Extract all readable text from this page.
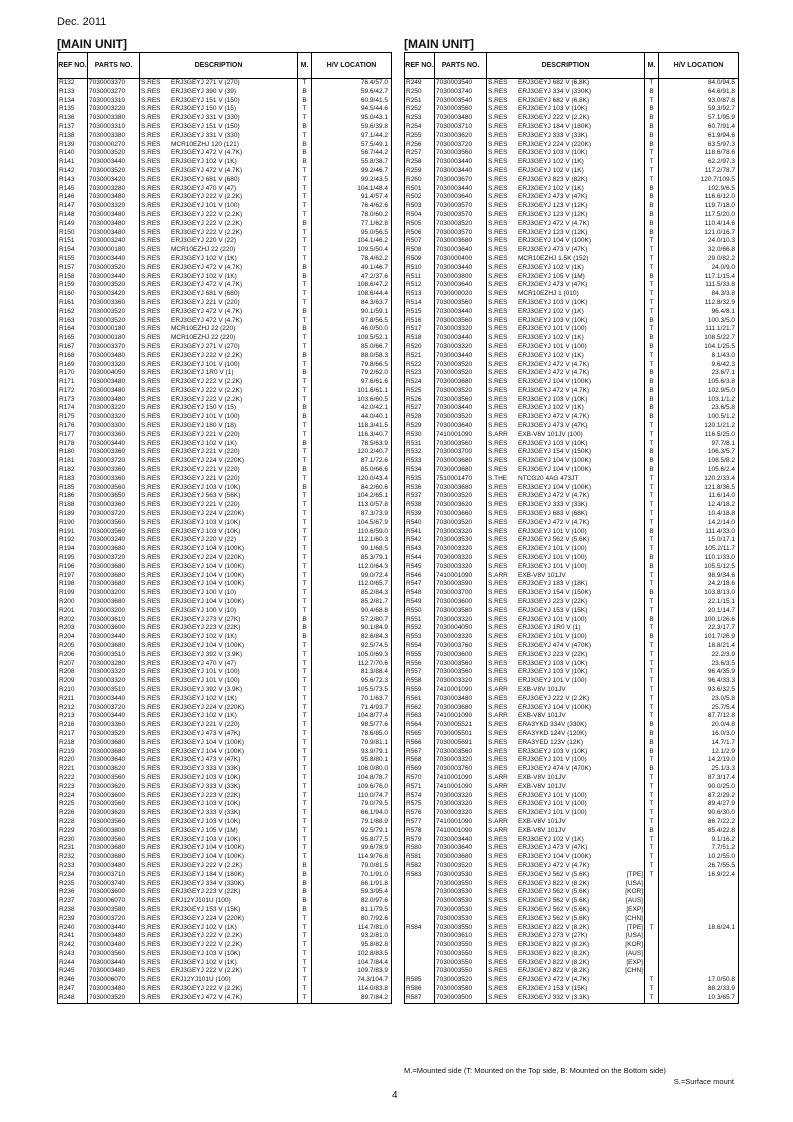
Dec. 2011
[MAIN UNIT]
REF NO.	PARTS NO.	DESCRIPTION	M.	H/V LOCATION
R132	7030003370	S.RES ERJ3GEYJ 271 V (270)	T	76.4/57.0
R133	7030003270	S.RES ERJ3GEYJ 390 V (39)	B	59.6/42.7
R134	7030003310	S.RES ERJ3GEYJ 151 V (150)	B	60.9/41.5
R135	7030003220	S.RES ERJ3GEYJ 150 V (15)	T	94.5/44.6
R136	7030003380	S.RES ERJ3GEYJ 331 V (330)	T	95.0/43.1
R137	7030003310	S.RES ERJ3GEYJ 151 V (150)	B	59.6/39.8
R138	7030003380	S.RES ERJ3GEYJ 331 V (330)	T	97.1/44.2
R139	7030000270	S.RES MCR10EZHJ 120 (121)	B	57.5/49.1
R140	7030003520	S.RES ERJ3GEYJ 472 V (4.7K)	B	56.7/44.2
R141	7030003440	S.RES ERJ3GEYJ 102 V (1K)	B	55.8/38.7
R142	7030003520	S.RES ERJ3GEYJ 472 V (4.7K)	T	99.2/46.7
R143	7030003420	S.RES ERJ3GEYJ 681 V (680)	T	99.2/43.5
R145	7030003280	S.RES ERJ3GEYJ 470 V (47)	T	104.1/48.4
R146	7030003480	S.RES ERJ3GEYJ 222 V (2.2K)	T	91.4/57.4
R147	7030003320	S.RES ERJ3GEYJ 101 V (100)	T	76.4/62.6
R148	7030003480	S.RES ERJ3GEYJ 222 V (2.2K)	T	78.0/60.2
R149	7030003480	S.RES ERJ3GEYJ 222 V (2.2K)	B	77.1/62.8
R150	7030003480	S.RES ERJ3GEYJ 222 V (2.2K)	T	95.0/56.5
R151	7030003240	S.RES ERJ3GEYJ 220 V (22)	T	104.1/46.2
R154	7030000180	S.RES MCR10EZHJ 22 (220)	T	109.5/50.4
R155	7030003440	S.RES ERJ3GEYJ 102 V (1K)	T	78.4/62.2
R157	7030003520	S.RES ERJ3GEYJ 472 V (4.7K)	B	49.1/46.7
R158	7030003440	S.RES ERJ3GEYJ 102 V (1K)	B	47.2/37.6
R159	7030003520	S.RES ERJ3GEYJ 472 V (4.7K)	T	108.6/47.2
R160	7030003420	S.RES ERJ3GEYJ 681 V (680)	T	108.6/44.4
R161	7030003360	S.RES ERJ3GEYJ 221 V (220)	T	84.3/63.7
R162	7030003520	S.RES ERJ3GEYJ 472 V (4.7K)	B	90.1/59.1
R163	7030003520	S.RES ERJ3GEYJ 472 V (4.7K)	T	97.8/56.5
R164	7030000180	S.RES MCR10EZHJ 22 (220)	B	46.0/50.0
R165	7030000180	S.RES MCR10EZHJ 22 (220)	T	109.5/52.1
R167	7030003370	S.RES ERJ3GEYJ 271 V (270)	T	85.0/66.7
R168	7030003480	S.RES ERJ3GEYJ 222 V (2.2K)	B	88.0/58.3
R169	7030003320	S.RES ERJ3GEYJ 101 V (100)	T	79.8/66.5
R170	7030004050	S.RES ERJ3GEYJ 1R0 V (1)	B	79.2/62.0
R171	7030003480	S.RES ERJ3GEYJ 222 V (2.2K)	T	97.6/61.6
R172	7030003480	S.RES ERJ3GEYJ 222 V (2.2K)	T	101.6/61.1
R173	7030003480	S.RES ERJ3GEYJ 222 V (2.2K)	T	103.6/60.5
R174	7030003220	S.RES ERJ3GEYJ 150 V (15)	B	42.0/42.1
R175	7030003320	S.RES ERJ3GEYJ 101 V (100)	B	44.0/40.1
R176	7030003300	S.RES ERJ3GEYJ 180 V (18)	T	118.3/41.5
R177	7030003360	S.RES ERJ3GEYJ 221 V (220)	T	116.3/40.7
R178	7030003440	S.RES ERJ3GEYJ 102 V (1K)	B	78.5/63.9
R180	7030003360	S.RES ERJ3GEYJ 221 V (220)	T	120.2/40.7
R181	7030003720	S.RES ERJ3GEYJ 224 V (220K)	T	87.1/72.6
R182	7030003360	S.RES ERJ3GEYJ 221 V (220)	B	85.0/66.6
R183	7030003360	S.RES ERJ3GEYJ 221 V (220)	T	120.0/43.4
R185	7030003560	S.RES ERJ3GEYJ 103 V (10K)	B	84.2/60.6
R186	7030003650	S.RES ERJ3GEYJ 563 V (56K)	T	104.2/65.1
R188	7030003360	S.RES ERJ3GEYJ 221 V (220)	T	113.0/57.8
R189	7030003720	S.RES ERJ3GEYJ 224 V (220K)	T	87.3/73.9
R190	7030003560	S.RES ERJ3GEYJ 103 V (10K)	T	104.5/67.9
R191	7030003560	S.RES ERJ3GEYJ 103 V (10K)	T	110.6/59.0
R192	7030003240	S.RES ERJ3GEYJ 220 V (22)	T	112.1/60.3
R194	7030003680	S.RES ERJ3GEYJ 104 V (100K)	T	99.1/68.5
R195	7030003720	S.RES ERJ3GEYJ 224 V (220K)	T	85.3/79.1
R196	7030003680	S.RES ERJ3GEYJ 104 V (100K)	T	112.0/64.3
R197	7030003680	S.RES ERJ3GEYJ 104 V (100K)	T	99.0/72.4
R198	7030003680	S.RES ERJ3GEYJ 104 V (100K)	T	112.0/65.7
R199	7030003200	S.RES ERJ3GEYJ 100 V (10)	T	85.2/84.3
R200	7030003680	S.RES ERJ3GEYJ 104 V (100K)	T	85.2/81.7
R201	7030003200	S.RES ERJ3GEYJ 100 V (10)	T	90.4/68.8
R202	7030003610	S.RES ERJ3GEYJ 273 V (27K)	B	57.2/80.7
R203	7030003600	S.RES ERJ3GEYJ 223 V (22K)	B	90.1/84.9
R204	7030003440	S.RES ERJ3GEYJ 102 V (1K)	B	82.6/84.3
R205	7030003680	S.RES ERJ3GEYJ 104 V (100K)	T	92.5/74.5
R206	7030003510	S.RES ERJ3GEYJ 392 V (3.9K)	T	105.0/69.3
R207	7030003280	S.RES ERJ3GEYJ 470 V (47)	T	112.7/70.6
R208	7030003320	S.RES ERJ3GEYJ 101 V (100)	T	81.3/88.4
R209	7030003320	S.RES ERJ3GEYJ 101 V (100)	T	95.6/72.3
R210	7030003510	S.RES ERJ3GEYJ 392 V (3.9K)	T	105.5/73.5
R211	7030003440	S.RES ERJ3GEYJ 102 V (1K)	T	70.1/63.7
R212	7030003720	S.RES ERJ3GEYJ 224 V (220K)	T	71.4/93.7
R213	7030003440	S.RES ERJ3GEYJ 102 V (1K)	T	104.8/77.4
R216	7030003360	S.RES ERJ3GEYJ 221 V (220)	T	98.5/77.6
R217	7030003520	S.RES ERJ3GEYJ 473 V (47K)	T	78.6/85.0
R218	7030003680	S.RES ERJ3GEYJ 104 V (100K)	T	79.9/81.1
R219	7030003680	S.RES ERJ3GEYJ 104 V (100K)	T	93.9/79.1
R220	7030003640	S.RES ERJ3GEYJ 473 V (47K)	T	95.8/80.1
R221	7030003620	S.RES ERJ3GEYJ 333 V (33K)	T	106.0/80.0
R222	7030003560	S.RES ERJ3GEYJ 103 V (10K)	T	104.8/78.7
R223	7030003620	S.RES ERJ3GEYJ 333 V (33K)	T	109.6/76.0
R224	7030003600	S.RES ERJ3GEYJ 223 V (22K)	T	110.0/74.7
R225	7030003560	S.RES ERJ3GEYJ 103 V (10K)	T	79.0/79.5
R226	7030003620	S.RES ERJ3GEYJ 333 V (33K)	T	66.1/94.0
R228	7030003560	S.RES ERJ3GEYJ 103 V (10K)	T	79.1/88.9
R229	7030003800	S.RES ERJ3GEYJ 105 V (1M)	T	92.5/79.1
R230	7030003560	S.RES ERJ3GEYJ 103 V (10K)	T	95.8/77.5
R231	7030003680	S.RES ERJ3GEYJ 104 V (100K)	T	99.6/78.9
R232	7030003680	S.RES ERJ3GEYJ 104 V (100K)	T	114.9/76.8
R233	7030003480	S.RES ERJ3GEYJ 222 V (2.2K)	B	79.0/81.5
R234	7030003710	S.RES ERJ3GEYJ 184 V (180K)	B	70.1/91.0
R235	7030003740	S.RES ERJ3GEYJ 334 V (330K)	B	66.1/91.8
R236	7030003600	S.RES ERJ3GEYJ 223 V (22K)	B	59.3/95.4
R237	7030006070	S.RES ERJ12YJ101U (100)	B	82.0/97.6
R238	7030003580	S.RES ERJ3GEYJ 153 V (15K)	B	81.1/79.5
R239	7030003720	S.RES ERJ3GEYJ 224 V (220K)	T	80.7/92.6
R240	7030003440	S.RES ERJ3GEYJ 102 V (1K)	T	114.7/81.0
R241	7030003480	S.RES ERJ3GEYJ 222 V (2.2K)	T	93.2/81.0
R242	7030003480	S.RES ERJ3GEYJ 222 V (2.2K)	T	95.8/82.8
R243	7030003560	S.RES ERJ3GEYJ 103 V (10K)	T	102.8/83.5
R244	7030003440	S.RES ERJ3GEYJ 102 V (1K)	T	104.7/84.4
R245	7030003480	S.RES ERJ3GEYJ 222 V (2.2K)	T	109.7/83.9
R246	7030006070	S.RES ERJ12YJ101U (100)	T	74.3/104.7
R247	7030003480	S.RES ERJ3GEYJ 222 V (2.2K)	T	114.0/83.8
R248	7030003520	S.RES ERJ3GEYJ 472 V (4.7K)	T	89.7/84.2
[MAIN UNIT]
REF NO.	PARTS NO.	DESCRIPTION	M.	H/V LOCATION
R249	7030003540	S.RES ERJ3GEYJ 682 V (6.8K)	T	84.0/94.5
R250	7030003740	S.RES ERJ3GEYJ 334 V (330K)	B	64.6/91.8
R251	7030003540	S.RES ERJ3GEYJ 682 V (6.8K)	T	93.0/87.8
R252	7030003560	S.RES ERJ3GEYJ 103 V (10K)	B	59.3/92.7
R253	7030003480	S.RES ERJ3GEYJ 222 V (2.2K)	B	57.1/95.9
R254	7030003710	S.RES ERJ3GEYJ 184 V (180K)	B	60.7/91.4
R255	7030003620	S.RES ERJ3GEYJ 333 V (33K)	B	61.9/94.6
R256	7030003720	S.RES ERJ3GEYJ 224 V (220K)	B	63.5/97.3
R257	7030003560	S.RES ERJ3GEYJ 103 V (10K)	T	118.6/78.6
R258	7030003440	S.RES ERJ3GEYJ 102 V (1K)	T	62.2/97.3
R259	7030003440	S.RES ERJ3GEYJ 102 V (1K)	T	117.2/78.7
R260	7030003670	S.RES ERJ3GEYJ 823 V (82K)	T	120.7/109.5
R501	7030003440	S.RES ERJ3GEYJ 102 V (1K)	B	102.9/6.5
R502	7030003640	S.RES ERJ3GEYJ 473 V (47K)	B	116.6/12.0
R503	7030003570	S.RES ERJ3GEYJ 123 V (12K)	B	119.7/18.0
R504	7030003570	S.RES ERJ3GEYJ 123 V (12K)	B	117.5/20.0
R505	7030003520	S.RES ERJ3GEYJ 472 V (4.7K)	B	110.4/14.6
R506	7030003570	S.RES ERJ3GEYJ 123 V (12K)	B	121.0/16.7
R507	7030003680	S.RES ERJ3GEYJ 104 V (100K)	T	24.0/10.3
R508	7030003640	S.RES ERJ3GEYJ 473 V (47K)	T	32.0/66.8
R509	7030000400	S.RES MCR10EZHJ 1.5K (152)	T	29.0/82.2
R510	7030003440	S.RES ERJ3GEYJ 102 V (1K)	T	24.0/9.0
R511	7030003800	S.RES ERJ3GEYJ 105 V (1M)	B	117.1/15.4
R512	7030003640	S.RES ERJ3GEYJ 473 V (47K)	T	111.5/33.8
R513	7030000020	S.RES MCR10EZHJ 1 (010)	T	84.3/3.8
R514	7030003560	S.RES ERJ3GEYJ 103 V (10K)	T	112.8/32.9
R515	7030003440	S.RES ERJ3GEYJ 102 V (1K)	T	96.4/8.1
R516	7030003560	S.RES ERJ3GEYJ 103 V (10K)	B	100.3/5.0
R517	7030003320	S.RES ERJ3GEYJ 101 V (100)	T	111.1/21.7
R518	7030003440	S.RES ERJ3GEYJ 102 V (1K)	B	108.5/22.7
R520	7030003320	S.RES ERJ3GEYJ 101 V (100)	B	104.1/25.5
R521	7030003440	S.RES ERJ3GEYJ 102 V (1K)	T	8.1/43.0
R522	7030003520	S.RES ERJ3GEYJ 472 V (4.7K)	T	9.6/42.3
R523	7030003520	S.RES ERJ3GEYJ 472 V (4.7K)	B	23.6/7.1
R524	7030003680	S.RES ERJ3GEYJ 104 V (100K)	B	105.6/3.8
R525	7030003520	S.RES ERJ3GEYJ 472 V (4.7K)	B	102.9/5.0
R526	7030003560	S.RES ERJ3GEYJ 103 V (10K)	B	103.1/1.2
R527	7030003440	S.RES ERJ3GEYJ 102 V (1K)	B	23.6/5.8
R528	7030003520	S.RES ERJ3GEYJ 472 V (4.7K)	B	100.5/1.2
R529	7030003640	S.RES ERJ3GEYJ 473 V (47K)	T	120.1/21.2
R530	7410001090	S.ARR EXB-V8V 101JV (100)	T	116.5/25.0
R531	7030003560	S.RES ERJ3GEYJ 103 V (10K)	T	97.7/8.1
R532	7030003700	S.RES ERJ3GEYJ 154 V (150K)	B	106.3/5.7
R533	7030003680	S.RES ERJ3GEYJ 104 V (100K)	B	108.5/8.2
R534	7030003680	S.RES ERJ3GEYJ 104 V (100K)	B	105.6/2.4
R535	7510001470	S.THE NTCG20 4AG 473JT	T	120.2/33.4
R536	7030003680	S.RES ERJ3GEYJ 104 V (100K)	T	121.8/36.5
R537	7030003520	S.RES ERJ3GEYJ 472 V (4.7K)	T	11.6/14.0
R538	7030003620	S.RES ERJ3GEYJ 333 V (33K)	T	12.4/18.2
R539	7030003660	S.RES ERJ3GEYJ 683 V (68K)	T	10.4/18.8
R540	7030003520	S.RES ERJ3GEYJ 472 V (4.7K)	T	14.2/14.0
R541	7030003320	S.RES ERJ3GEYJ 101 V (100)	B	111.4/33.0
R542	7030003530	S.RES ERJ3GEYJ 562 V (5.6K)	T	15.0/17.1
R543	7030003320	S.RES ERJ3GEYJ 101 V (100)	T	105.2/11.7
R544	7030003320	S.RES ERJ3GEYJ 101 V (100)	B	110.1/33.0
R545	7030003320	S.RES ERJ3GEYJ 101 V (100)	B	105.5/12.5
R546	7410001090	S.ARR EXB-V8V 101JV	T	98.9/34.6
R547	7030003590	S.RES ERJ3GEYJ 183 V (18K)	T	24.2/18.6
R548	7030003700	S.RES ERJ3GEYJ 154 V (150K)	B	103.8/13.0
R549	7030003600	S.RES ERJ3GEYJ 223 V (22K)	T	22.1/15.1
R550	7030003580	S.RES ERJ3GEYJ 153 V (15K)	T	20.1/14.7
R551	7030003320	S.RES ERJ3GEYJ 101 V (100)	B	100.1/26.6
R552	7030004050	S.RES ERJ3GEYJ 1R0 V (1)	T	22.3/17.7
R553	7030003320	S.RES ERJ3GEYJ 101 V (100)	B	101.7/26.9
R554	7030003760	S.RES ERJ3GEYJ 474 V (470K)	T	18.8/21.4
R555	7030003600	S.RES ERJ3GEYJ 223 V (22K)	T	22.2/3.9
R556	7030003560	S.RES ERJ3GEYJ 103 V (10K)	T	23.6/3.5
R557	7030003560	S.RES ERJ3GEYJ 103 V (10K)	T	96.4/35.9
R558	7030003320	S.RES ERJ3GEYJ 101 V (100)	T	96.4/33.3
R559	7410001090	S.ARR EXB-V8V 101JV	T	93.6/32.5
R561	7030003480	S.RES ERJ3GEYJ 222 V (2.2K)	T	23.0/5.8
R562	7030003680	S.RES ERJ3GEYJ 104 V (100K)	T	25.7/5.4
R563	7410001090	S.ARR EXB-V8V 101JV	T	87.7/12.8
R564	7030005521	S.RES ERA3YKD 334V (330K)	B	20.0/4.8
R565	7030005501	S.RES ERA3YKD 124V (120K)	B	16.0/3.0
R566	7030005691	S.RES ERA3YED 123V (12K)	B	14.7/1.7
R567	7030003560	S.RES ERJ3GEYJ 103 V (10K)	B	12.1/2.9
R568	7030003320	S.RES ERJ3GEYJ 101 V (100)	T	14.2/19.0
R569	7030003760	S.RES ERJ3GEYJ 474 V (470K)	B	25.1/3.3
R570	7410001090	S.ARR EXB-V8V 101JV	T	87.3/17.4
R571	7410001090	S.ARR EXB-V8V 101JV	T	90.0/25.0
R574	7030003320	S.RES ERJ3GEYJ 101 V (100)	T	87.2/29.2
R575	7030003320	S.RES ERJ3GEYJ 101 V (100)	T	89.4/27.9
R576	7030003320	S.RES ERJ3GEYJ 101 V (100)	T	90.6/30.0
R577	7410001090	S.ARR EXB-V8V 101JV	T	86.7/22.2
R578	7410001090	S.ARR EXB-V8V 101JV	B	85.4/22.8
R579	7030003440	S.RES ERJ3GEYJ 102 V (1K)	T	9.1/16.2
R580	7030003640	S.RES ERJ3GEYJ 473 V (47K)	T	7.7/51.2
R581	7030003680	S.RES ERJ3GEYJ 104 V (100K)	T	10.2/55.0
R582	7030003520	S.RES ERJ3GEYJ 472 V (4.7K)	T	26.7/55.5
R583	7030003530	S.RES ERJ3GEYJ 562 V (5.6K) [TPE]	T	16.9/22.4
	7030003550	S.RES ERJ3GEYJ 822 V (8.2K) [USA]		

	7030003530	S.RES ERJ3GEYJ 562 V (5.6K) [KOR]		

	7030003530	S.RES ERJ3GEYJ 562 V (5.6K) [AUS]		

	7030003530	S.RES ERJ3GEYJ 562 V (5.6K) [EXP]		

	7030003530	S.RES ERJ3GEYJ 562 V (5.6K) [CHN]		

R584	7030003550	S.RES ERJ3GEYJ 822 V (8.2K) [TPE]	T	18.6/24.1
	7030003610	S.RES ERJ3GEYJ 273 V (27K) [USA]		

	7030003550	S.RES ERJ3GEYJ 822 V (8.2K) [KOR]		

	7030003550	S.RES ERJ3GEYJ 822 V (8.2K) [AUS]		

	7030003550	S.RES ERJ3GEYJ 822 V (8.2K) [EXP]		

	7030003550	S.RES ERJ3GEYJ 822 V (8.2K) [CHN]		

R585	7030003520	S.RES ERJ3GEYJ 472 V (4.7K)	T	17.0/50.8
R586	7030003580	S.RES ERJ3GEYJ 153 V (15K)	T	88.2/33.9
R587	7030003500	S.RES ERJ3GEYJ 332 V (3.3K)	T	10.3/65.7
M.=Mounted side (T: Mounted on the Top side, B: Mounted on the Bottom side)
S.=Surface mount
4
